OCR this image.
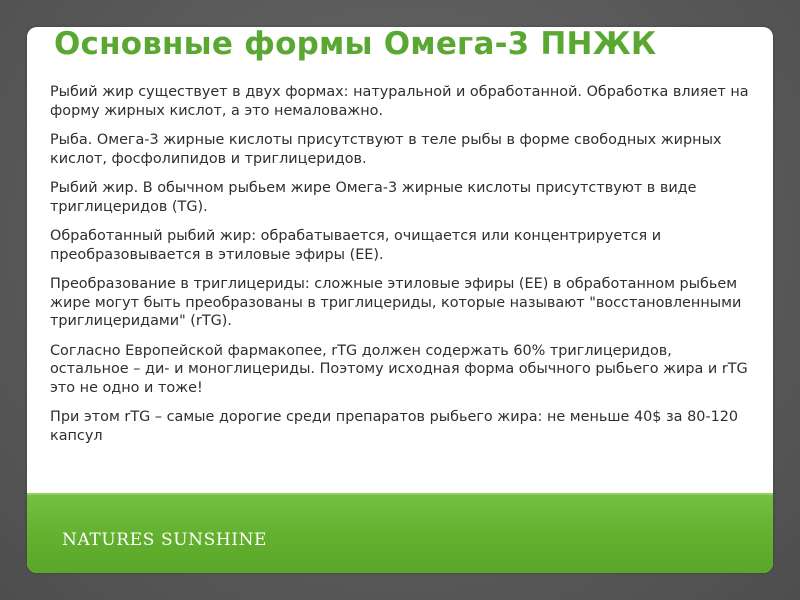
Основные формы Омега-3 ПНЖК

Рыбий жир существует в двух формах: натуральной и обработанной. Обработка влияет на форму жирных кислот, а это немаловажно.

Рыба. Омега-3 жирные кислоты присутствуют в теле рыбы в форме свободных жирных кислот, фосфолипидов и триглицеридов.

Рыбий жир. В обычном рыбьем жире Омега-3 жирные кислоты присутствуют в виде триглицеридов (TG).

Обработанный рыбий жир: обрабатывается, очищается или концентрируется и преобразовывается в этиловые эфиры (EE).

Преобразование в триглицериды: сложные этиловые эфиры (EE) в обработанном рыбьем жире могут быть преобразованы в триглицериды, которые называют "восстановленными триглицеридами" (rTG).

Согласно Европейской фармакопее, rTG должен содержать 60% триглицеридов, остальное – ди- и моноглицериды. Поэтому исходная форма обычного рыбьего жира и rTG это не одно и тоже!

При этом rTG – самые дорогие среди препаратов рыбьего жира: не меньше 40$ за 80-120 капсул

NATURES SUNSHINE
